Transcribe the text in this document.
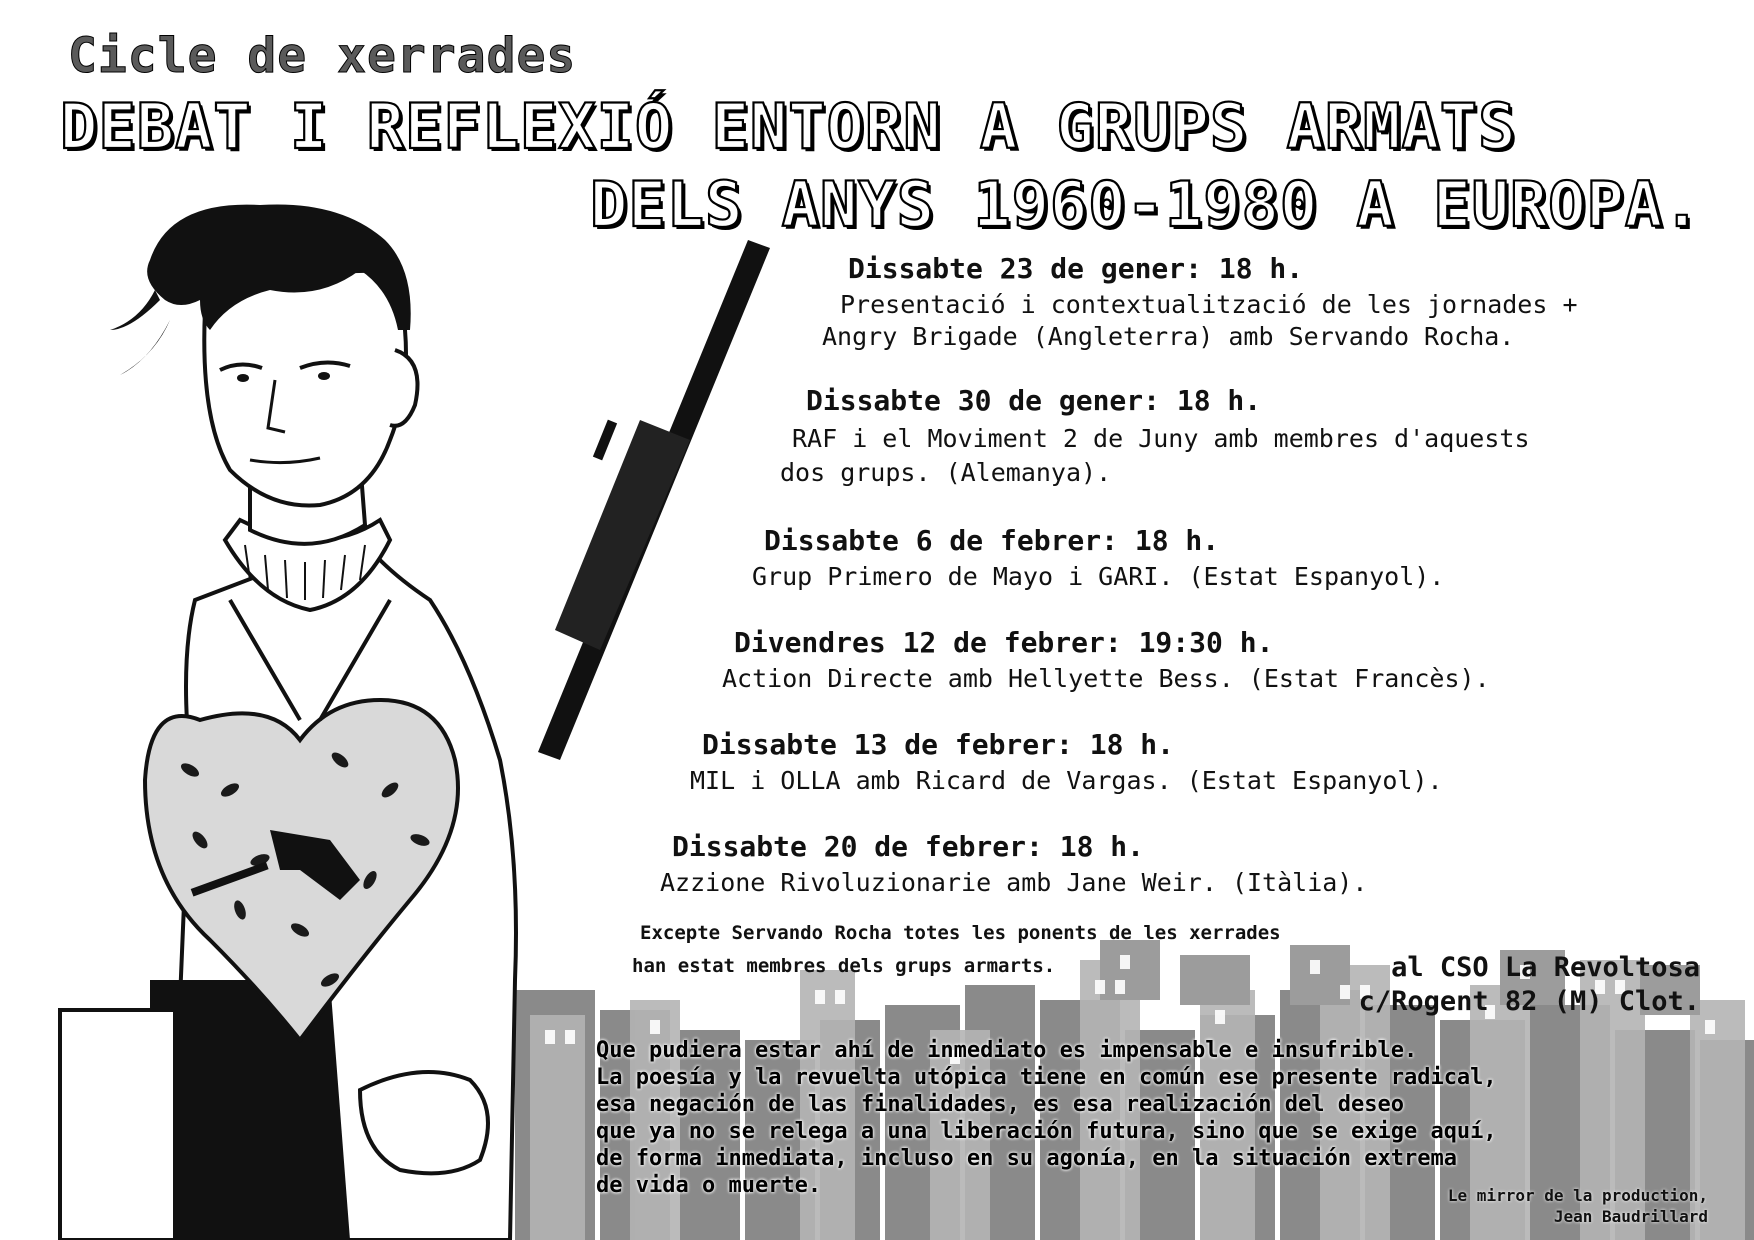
Cicle de xerrades
DEBAT I REFLEXIÓ ENTORN A GRUPS ARMATS
DELS ANYS 1960-1980 A EUROPA.
Dissabte 23 de gener: 18 h.
Presentació i contextualització de les jornades +
Angry Brigade (Angleterra) amb Servando Rocha.
Dissabte 30 de gener: 18 h.
RAF i el Moviment 2 de Juny amb membres d'aquests
dos grups. (Alemanya).
Dissabte 6 de febrer: 18 h.
Grup Primero de Mayo i GARI. (Estat Espanyol).
Divendres 12 de febrer: 19:30 h.
Action Directe amb Hellyette Bess. (Estat Francès).
Dissabte 13 de febrer: 18 h.
MIL i OLLA amb Ricard de Vargas. (Estat Espanyol).
Dissabte 20 de febrer: 18 h.
Azzione Rivoluzionarie amb Jane Weir. (Itàlia).
Excepte Servando Rocha totes les ponents de les xerrades
han estat membres dels grups armarts.	al CSO La Revoltosa
c/Rogent 82 (M) Clot.
Que pudiera estar ahí de inmediato es impensable e insufrible.
La poesía y la revuelta utópica tiene en común ese presente radical,
esa negación de las finalidades, es esa realización del deseo
que ya no se relega a una liberación futura, sino que se exige aquí,
de forma inmediata, incluso en su agonía, en la situación extrema
de vida o muerte.	Le mirror de la production,
Jean Baudrillard
